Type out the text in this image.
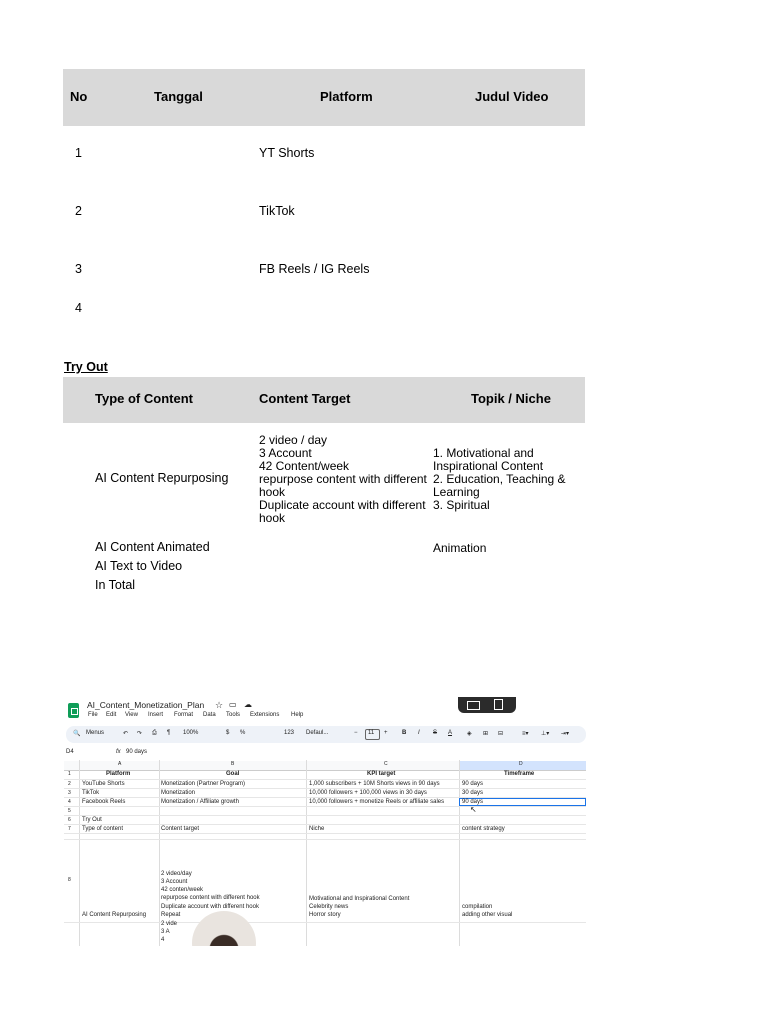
No	Tanggal	Platform	Judul Video
1	YT Shorts
2	TikTok
3	FB Reels / IG Reels
4
Try Out
Type of Content	Content Target	Topik / Niche
AI Content Repurposing
2 video / day
3 Account
42 Content/week
repurpose content with different
hook
Duplicate account with different
hook
1. Motivational and
Inspirational Content
2. Education, Teaching &
Learning
3. Spiritual
AI Content Animated	Animation
AI Text to Video
In Total
AI_Content_Monetization_Plan ☆ ▭ ☁
File Edit View Insert Format Data Tools Extensions Help
🔍 Menus	↶ ↷ ⎙ ¶ 100%	$ %	123 Defaul...	− 11 + B I S A ◈ ⊞ ⊟	≡▾ ⊥▾ ⇥▾
D4	fx 90 days
A	B	C	D
1
2
3
4
5
6
7
8
Platform	Goal	KPI target	Timeframe
YouTube Shorts	Monetization (Partner Program)	1,000 subscribers + 10M Shorts views in 90 days	90 days
TikTok	Monetization	10,000 followers + 100,000 views in 30 days	30 days
Facebook Reels	Monetization / Affiliate growth	10,000 followers + monetize Reels or affiliate sales	90 days
↖
Try Out
Type of content	Content target	Niche	content strategy
2 video/day
3 Account
42 conten/week
repurpose content with different hook
Duplicate account with different hook
Repeat
2 vide
3 A
4
Motivational and Inspirational Content
Celebrity news
Horror story
compilation
adding other visual
AI Content Repurposing
